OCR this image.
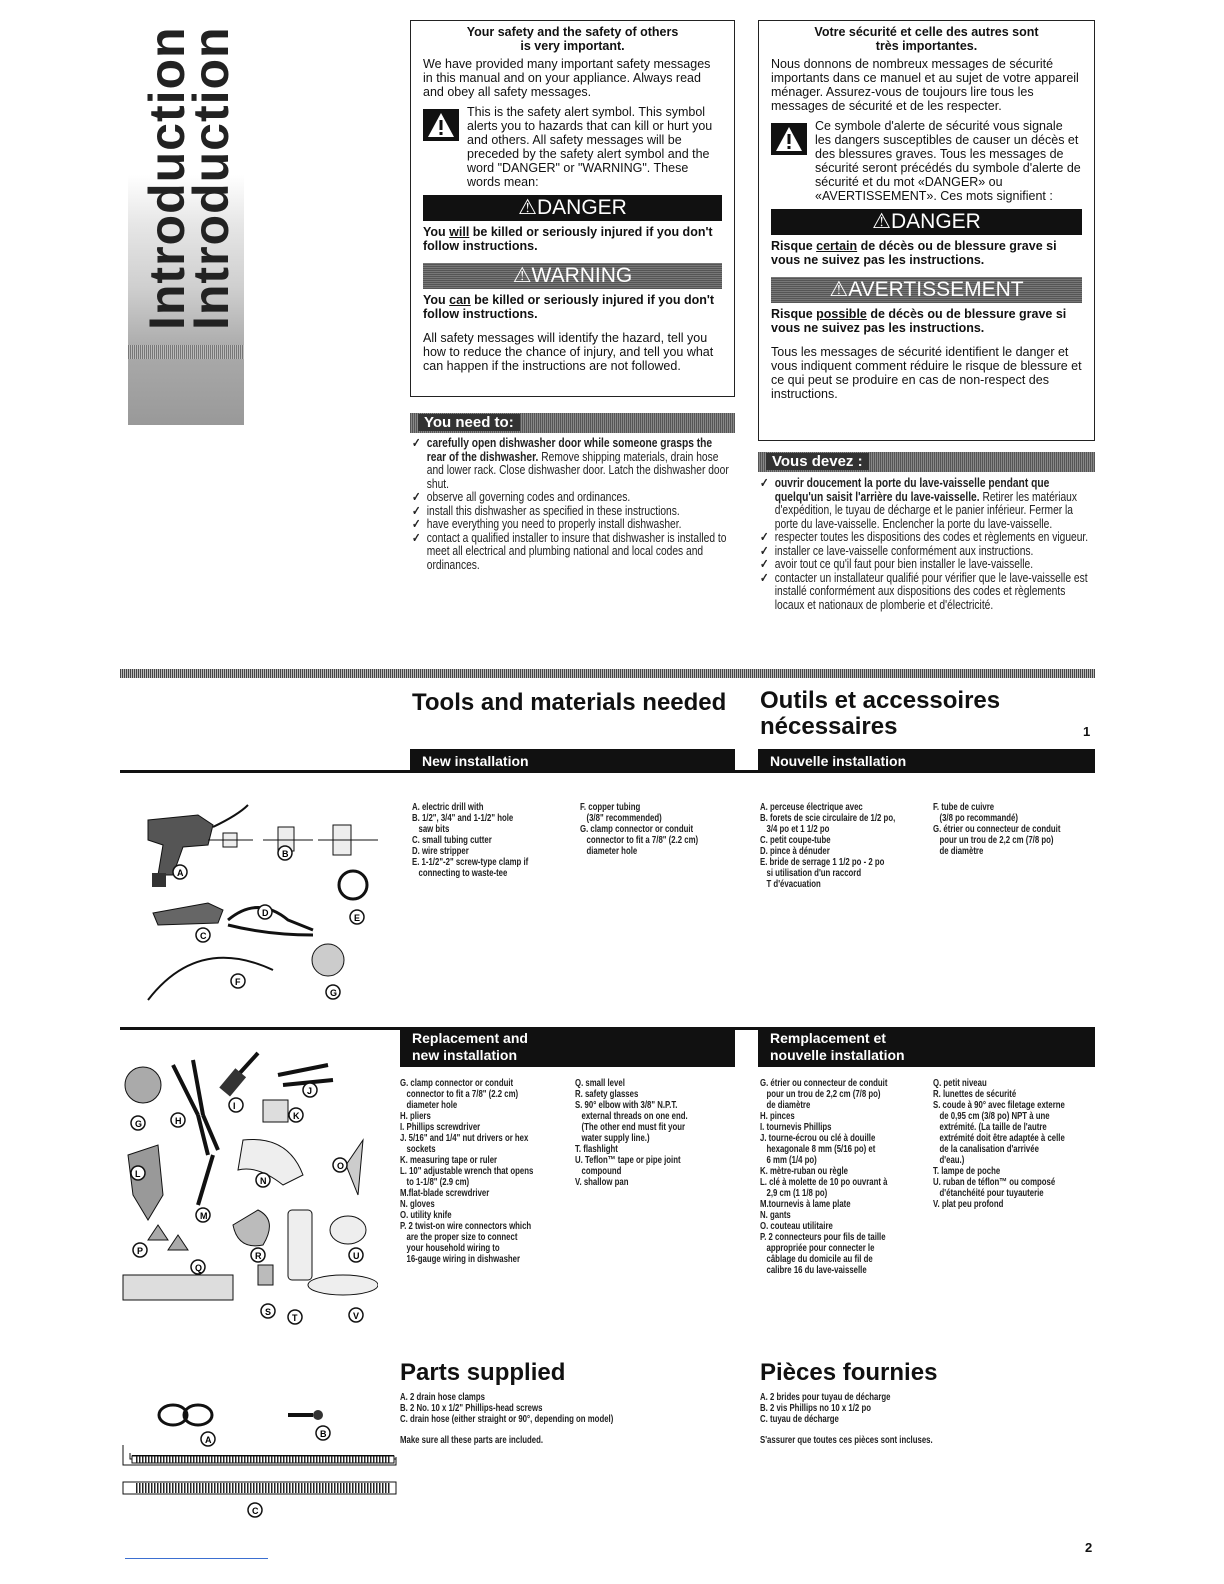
Introduction
Introduction	Your safety and the safety of others
is very important.

We have provided many important safety messages in this manual and on your appliance. Always read and obey all safety messages.

This is the safety alert symbol. This symbol alerts you to hazards that can kill or hurt you and others. All safety messages will be preceded by the safety alert symbol and the word "DANGER" or "WARNING". These words mean:
⚠DANGER
You will be killed or seriously injured if you don't follow instructions.
⚠WARNING
You can be killed or seriously injured if you don't follow instructions.

All safety messages will identify the hazard, tell you how to reduce the chance of injury, and tell you what can happen if the instructions are not followed.

Votre sécurité et celle des autres sont
très importantes.

Nous donnons de nombreux messages de sécurité importants dans ce manuel et au sujet de votre appareil ménager. Assurez-vous de toujours lire tous les messages de sécurité et de les respecter.

Ce symbole d'alerte de sécurité vous signale les dangers susceptibles de causer un décès et des blessures graves. Tous les messages de sécurité seront précédés du symbole d'alerte de sécurité et du mot «DANGER» ou «AVERTISSEMENT». Ces mots signifient :
⚠DANGER
Risque certain de décès ou de blessure grave si vous ne suivez pas les instructions.
⚠AVERTISSEMENT
Risque possible de décès ou de blessure grave si vous ne suivez pas les instructions.

Tous les messages de sécurité identifient le danger et vous indiquent comment réduire le risque de blessure et ce qui peut se produire en cas de non-respect des instructions.

You need to:
✓ carefully open dishwasher door while someone grasps the rear of the dishwasher. Remove shipping materials, drain hose and lower rack. Close dishwasher door. Latch the dishwasher door shut.
✓ observe all governing codes and ordinances.
✓ install this dishwasher as specified in these instructions.
✓ have everything you need to properly install dishwasher.
✓ contact a qualified installer to insure that dishwasher is installed to meet all electrical and plumbing national and local codes and ordinances.
Vous devez :
✓ ouvrir doucement la porte du lave-vaisselle pendant que quelqu'un saisit l'arrière du lave-vaisselle. Retirer les matériaux d'expédition, le tuyau de décharge et le panier inférieur. Fermer la porte du lave-vaisselle. Enclencher la porte du lave-vaisselle.
✓ respecter toutes les dispositions des codes et règlements en vigueur.
✓ installer ce lave-vaisselle conformément aux instructions.
✓ avoir tout ce qu'il faut pour bien installer le lave-vaisselle.
✓ contacter un installateur qualifié pour vérifier que le lave-vaisselle est installé conformément aux dispositions des codes et règlements locaux et nationaux de plomberie et d'électricité.
Tools and materials needed Outils et accessoires
nécessaires	1
New installation	Nouvelle installation
A. electric drill with
B. 1/2", 3/4" and 1-1/2" hole
saw bits
C. small tubing cutter
D. wire stripper
E. 1-1/2"-2" screw-type clamp if
connecting to waste-tee
F. copper tubing
(3/8" recommended)
G. clamp connector or conduit
connector to fit a 7/8" (2.2 cm)
diameter hole
A. perceuse électrique avec
B. forets de scie circulaire de 1/2 po,
3/4 po et 1 1/2 po
C. petit coupe-tube
D. pince à dénuder
E. bride de serrage 1 1/2 po - 2 po
si utilisation d'un raccord
T d'évacuation
F. tube de cuivre
(3/8 po recommandé)
G. étrier ou connecteur de conduit
pour un trou de 2,2 cm (7/8 po)
de diamètre
A
B
C
D	E
F
G
Replacement and
new installation
Remplacement et
nouvelle installation
G. clamp connector or conduit
connector to fit a 7/8" (2.2 cm)
diameter hole
H. pliers
I. Phillips screwdriver
J. 5/16" and 1/4" nut drivers or hex
sockets
K. measuring tape or ruler
L. 10" adjustable wrench that opens
to 1-1/8" (2.9 cm)
M.flat-blade screwdriver
N. gloves
O. utility knife
P. 2 twist-on wire connectors which
are the proper size to connect
your household wiring to
16-gauge wiring in dishwasher
Q. small level
R. safety glasses
S. 90° elbow with 3/8" N.P.T.
external threads on one end.
(The other end must fit your
water supply line.)
T. flashlight
U. Teflon™ tape or pipe joint
compound
V. shallow pan
G. étrier ou connecteur de conduit
pour un trou de 2,2 cm (7/8 po)
de diamètre
H. pinces
I. tournevis Phillips
J. tourne-écrou ou clé à douille
hexagonale 8 mm (5/16 po) et
6 mm (1/4 po)
K. mètre-ruban ou règle
L. clé à molette de 10 po ouvrant à
2,9 cm (1 1/8 po)
M.tournevis à lame plate
N. gants
O. couteau utilitaire
P. 2 connecteurs pour fils de taille
appropriée pour connecter le
câblage du domicile au fil de
calibre 16 du lave-vaisselle
Q. petit niveau
R. lunettes de sécurité
S. coude à 90° avec filetage externe
de 0,95 cm (3/8 po) NPT à une
extrémité. (La taille de l'autre
extrémité doit être adaptée à celle
de la canalisation d'arrivée
d'eau.)
T. lampe de poche
U. ruban de téflon™ ou composé
d'étanchéité pour tuyauterie
V. plat peu profond
G	H
I
J
K
L
M
N
O
P
Q
R
S
T
U
V
Parts supplied	Pièces fournies
A. 2 drain hose clamps
B. 2 No. 10 x 1/2" Phillips-head screws
C. drain hose (either straight or 90°, depending on model)
Make sure all these parts are included.
A. 2 brides pour tuyau de décharge
B. 2 vis Phillips no 10 x 1/2 po
C. tuyau de décharge
S'assurer que toutes ces pièces sont incluses.
A
B
C
2
